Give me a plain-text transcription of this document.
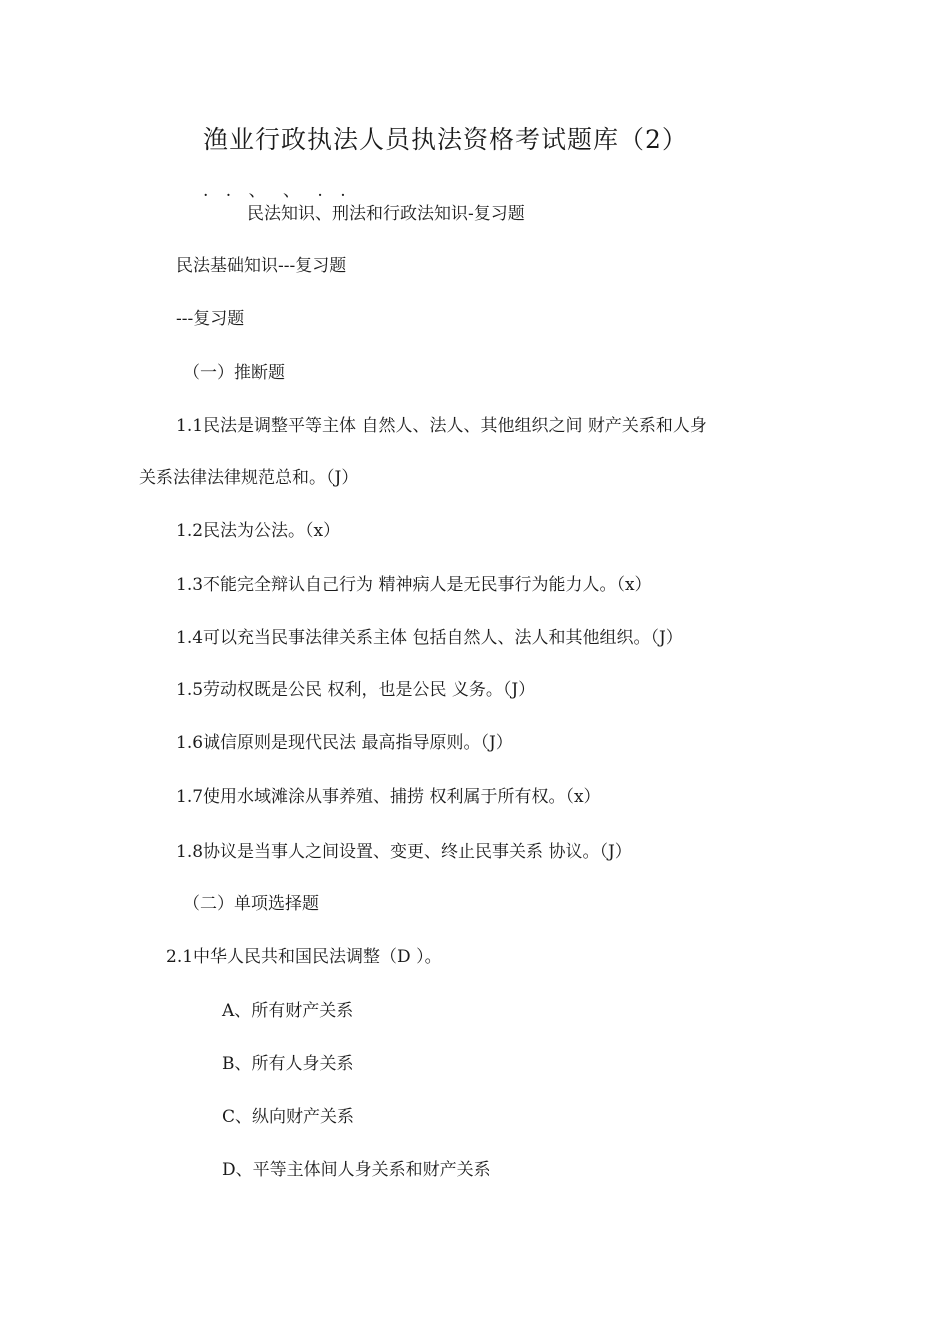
渔业行政执法人员执法资格考试题库（2）
. . 、 、 . .
民法知识、刑法和行政法知识-复习题
民法基础知识---复习题
---复习题
（一）推断题
1.1民法是调整平等主体 自然人、法人、其他组织之间 财产关系和人身
关系法律法律规范总和。（J）
1.2民法为公法。（x）
1.3不能完全辩认自己行为 精神病人是无民事行为能力人。（x）
1.4可以充当民事法律关系主体 包括自然人、法人和其他组织。（J）
1.5劳动权既是公民 权利，也是公民 义务。（J）
1.6诚信原则是现代民法 最高指导原则。（J）
1.7使用水域滩涂从事养殖、捕捞 权利属于所有权。（x）
1.8协议是当事人之间设置、变更、终止民事关系 协议。（J）
（二）单项选择题
2.1中华人民共和国民法调整（D ）。
A、所有财产关系
B、所有人身关系
C、纵向财产关系
D、平等主体间人身关系和财产关系
